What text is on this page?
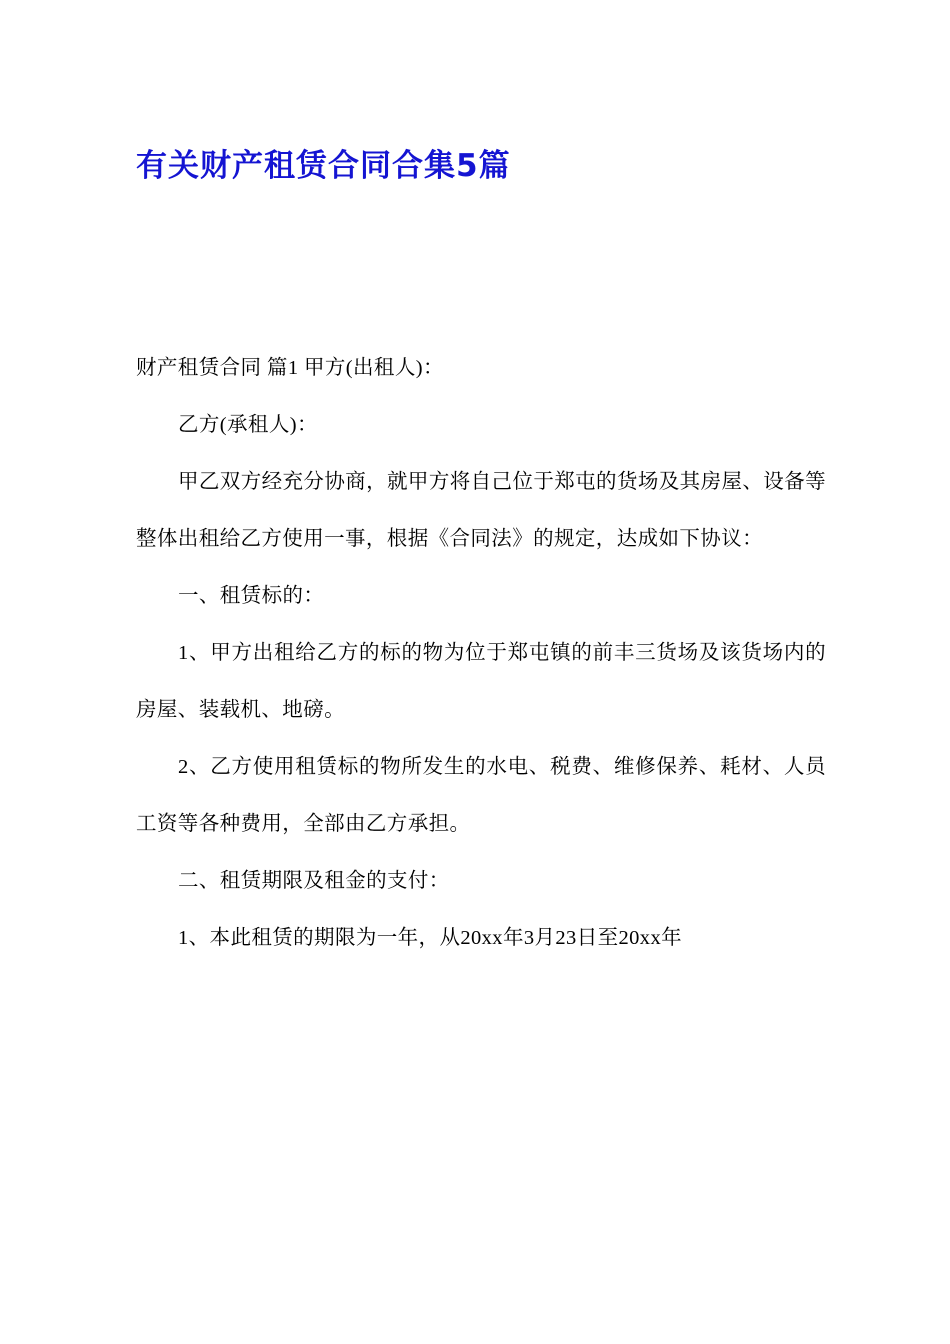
有关财产租赁合同合集5篇

财产租赁合同 篇1 甲方(出租人)：

乙方(承租人)：

甲乙双方经充分协商，就甲方将自己位于郑屯的货场及其房屋、设备等整体出租给乙方使用一事，根据《合同法》的规定，达成如下协议：

一、租赁标的：

1、甲方出租给乙方的标的物为位于郑屯镇的前丰三货场及该货场内的房屋、装载机、地磅。

2、乙方使用租赁标的物所发生的水电、税费、维修保养、耗材、人员工资等各种费用，全部由乙方承担。

二、租赁期限及租金的支付：

1、本此租赁的期限为一年，从20xx年3月23日至20xx年
